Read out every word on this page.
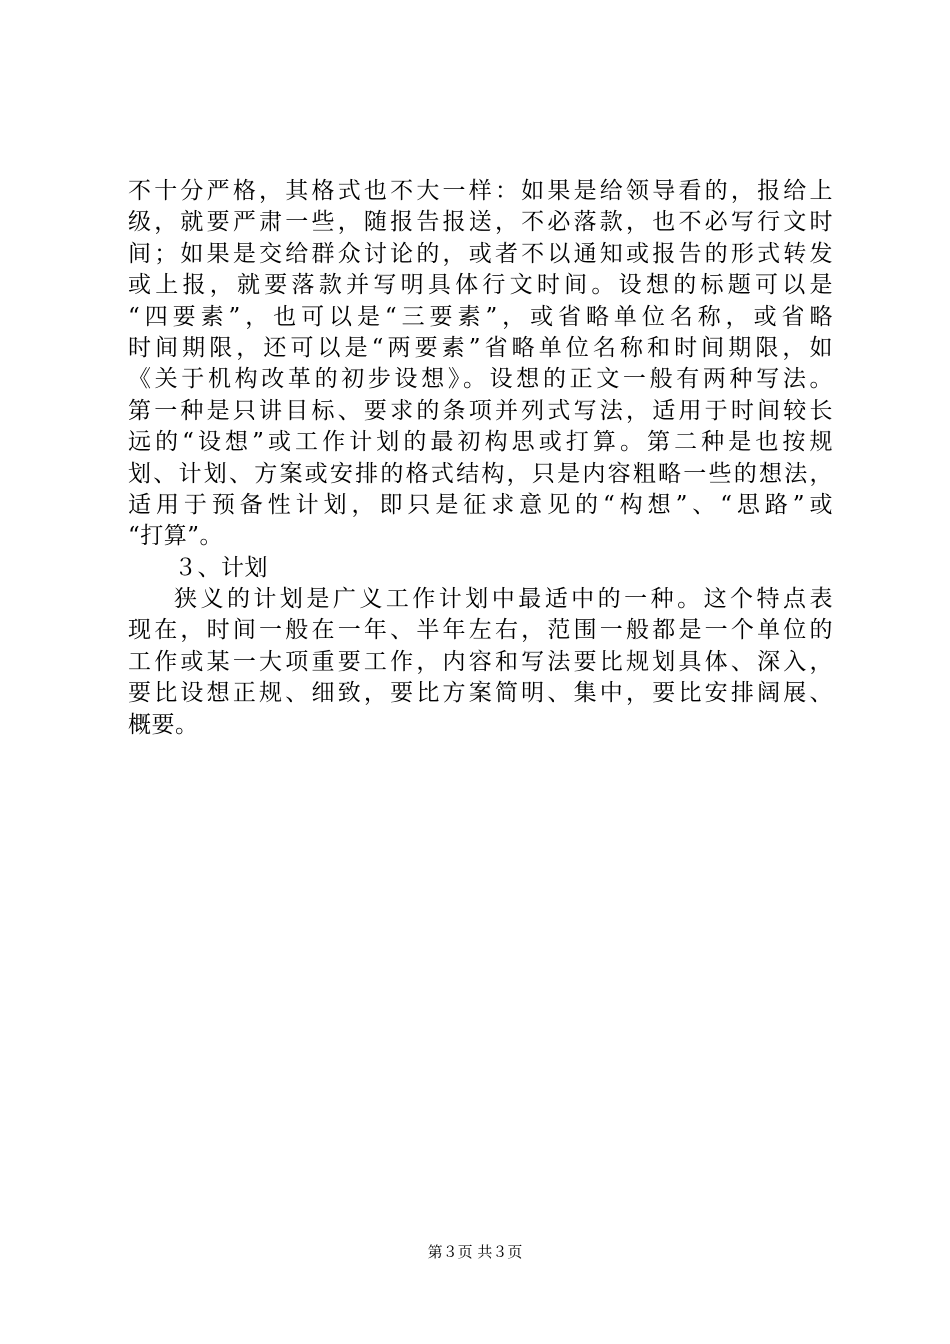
不十分严格，其格式也不大一样：如果是给领导看的，报给上
级，就要严肃一些，随报告报送，不必落款，也不必写行文时
间；如果是交给群众讨论的，或者不以通知或报告的形式转发
或上报，就要落款并写明具体行文时间。设想的标题可以是
“四要素”，也可以是“三要素”，或省略单位名称，或省略
时间期限，还可以是“两要素”省略单位名称和时间期限，如
《关于机构改革的初步设想》。设想的正文一般有两种写法。
第一种是只讲目标、要求的条项并列式写法，适用于时间较长
远的“设想”或工作计划的最初构思或打算。第二种是也按规
划、计划、方案或安排的格式结构，只是内容粗略一些的想法，
适用于预备性计划，即只是征求意见的“构想”、“思路”或
“打算”。
３、计划
狭义的计划是广义工作计划中最适中的一种。这个特点表
现在，时间一般在一年、半年左右，范围一般都是一个单位的
工作或某一大项重要工作，内容和写法要比规划具体、深入，
要比设想正规、细致，要比方案简明、集中，要比安排阔展、
概要。
第３页 共３页
